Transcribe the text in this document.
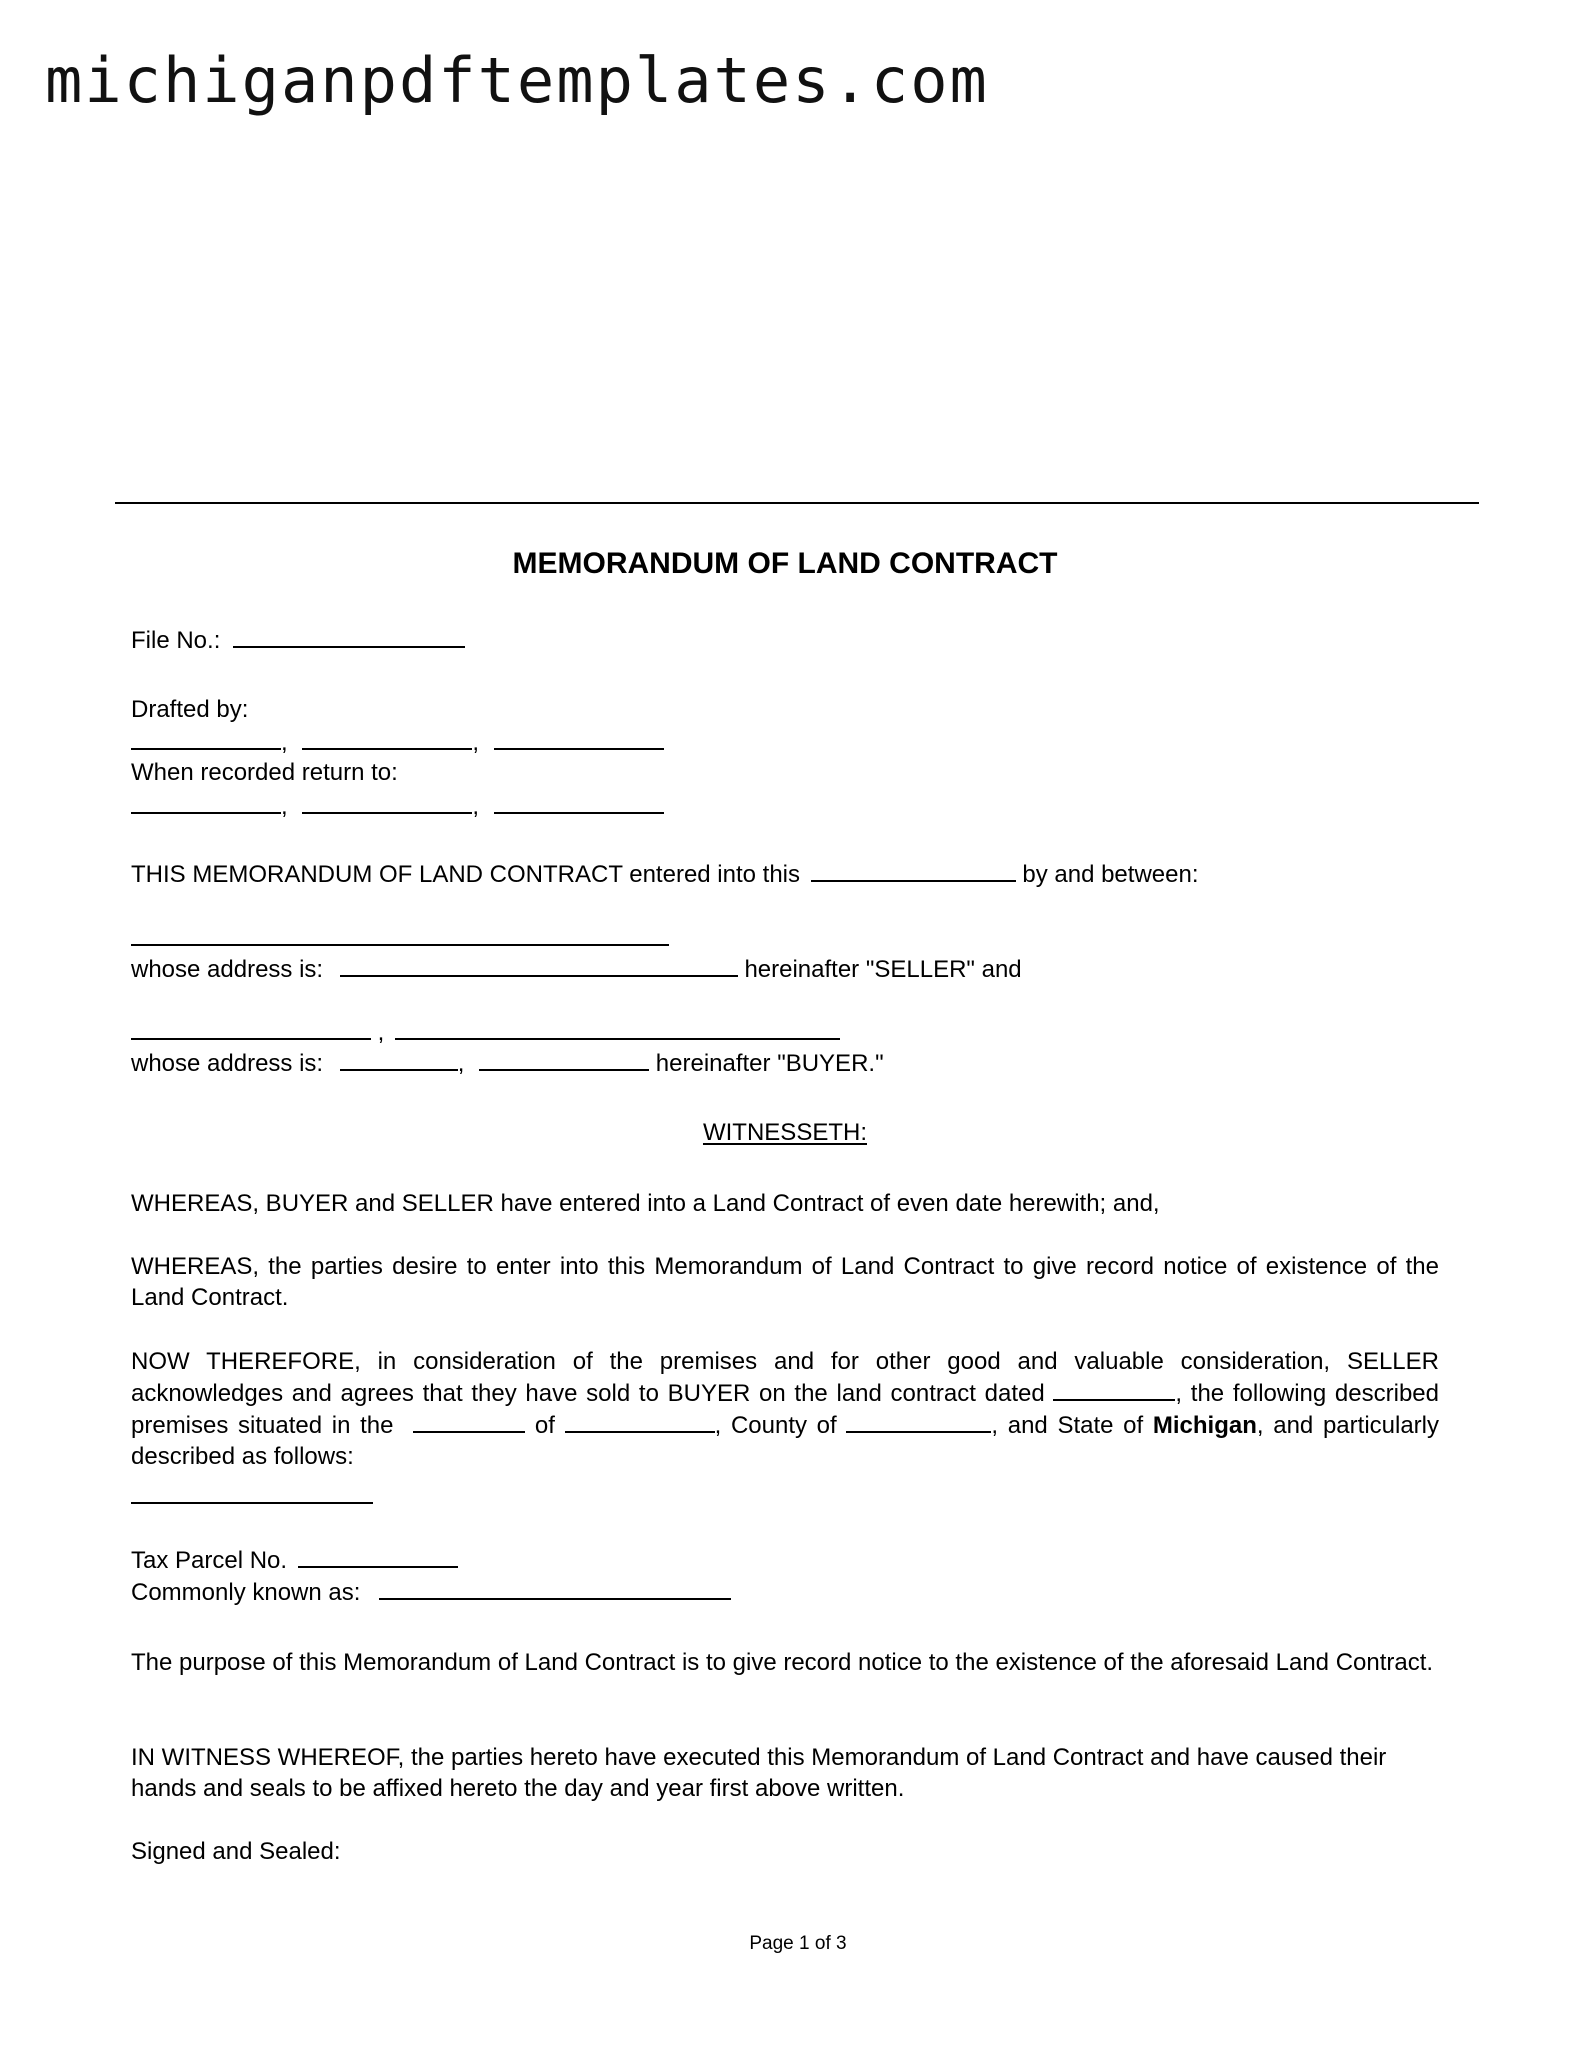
michiganpdftemplates.com
MEMORANDUM OF LAND CONTRACT
File No.:
Drafted by:
,	,
When recorded return to:
,	,
THIS MEMORANDUM OF LAND CONTRACT entered into this	by and between:
whose address is:	hereinafter "SELLER" and
,
whose address is:	,	hereinafter "BUYER."
WITNESSETH:
WHEREAS, BUYER and SELLER have entered into a Land Contract of even date herewith; and,
WHEREAS, the parties desire to enter into this Memorandum of Land Contract to give record notice of existence of the Land Contract.
NOW THEREFORE, in consideration of the premises and for other good and valuable consideration, SELLER acknowledges and agrees that they have sold to BUYER on the land contract dated	, the following described premises situated in the	of	, County of	, and State of Michigan, and particularly described as follows:
Tax Parcel No.
Commonly known as:
The purpose of this Memorandum of Land Contract is to give record notice to the existence of the aforesaid Land Contract.
IN WITNESS WHEREOF, the parties hereto have executed this Memorandum of Land Contract and have caused their hands and seals to be affixed hereto the day and year first above written.
Signed and Sealed:
Page 1 of 3
